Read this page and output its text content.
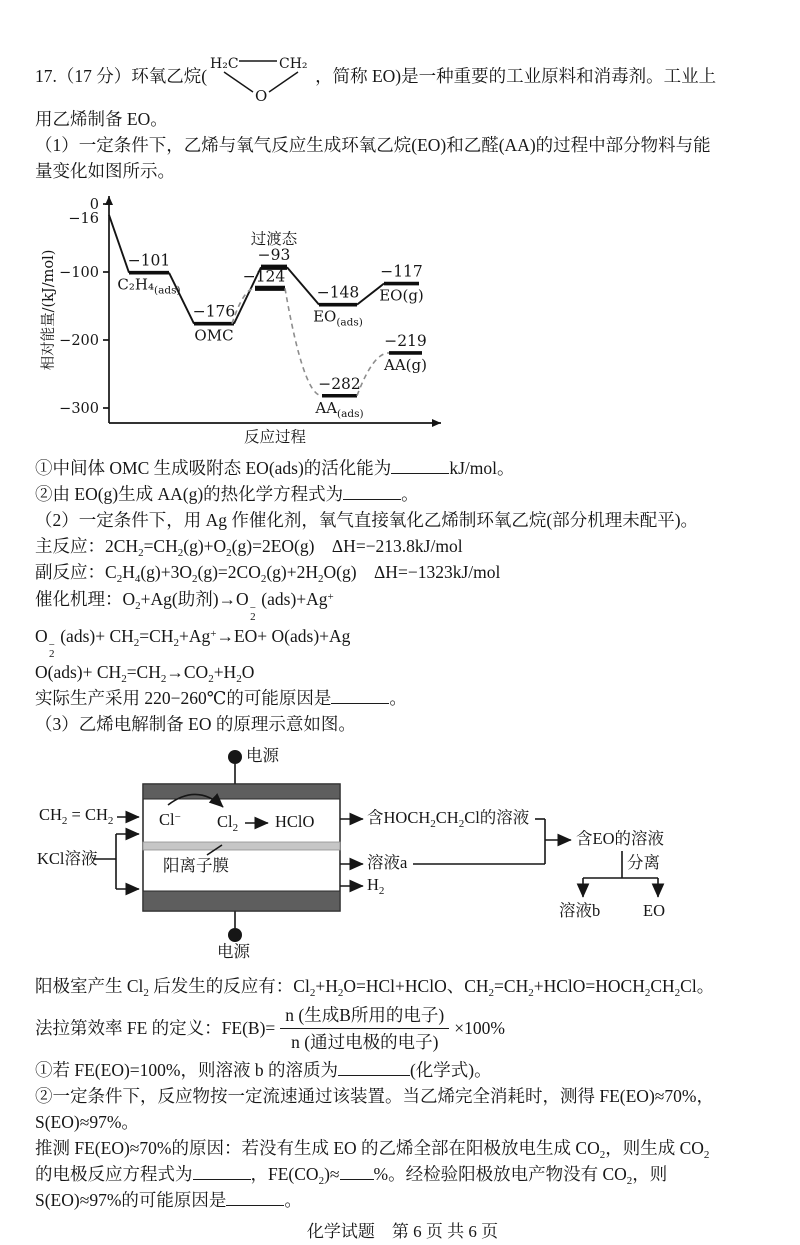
17.（17 分）环氧乙烷(
H₂C	CH₂
O
，简称 EO)是一种重要的工业原料和消毒剂。工业上

用乙烯制备 EO。

（1）一定条件下，乙烯与氧气反应生成环氧乙烷(EO)和乙醛(AA)的过程中部分物料与能

量变化如图所示。

0
−100
−200
−300
−16
反应过程
相对能量/(kJ/mol)	−101
$C_2H_4_{(ads)}$
−176
OMC
过渡态
−93
−148
$EO_{(ads)}$
−117
EO(g)
−124
−282
$AA_{(ads)}$
−219
AA(g)

①中间体 OMC 生成吸附态 EO(ads)的活化能为	kJ/mol。

②由 EO(g)生成 AA(g)的热化学方程式为	。

（2）一定条件下，用 Ag 作催化剂，氧气直接氧化乙烯制环氧乙烷(部分机理未配平)。

主反应：$2CH_2=CH_2(g)+O_2(g)=2EO(g)$　ΔH=−213.8kJ/mol

副反应：$C_2H_4(g)+3O_2(g)=2CO_2(g)+2H_2O(g)$　ΔH=−1323kJ/mol

催化机理：$O_2+Ag$(助剂)→O −
2
(ads)+Ag+

O −
2
$(ads)+ CH_2=CH_2+Ag^+\to EO+ O(ads)+Ag$

$O(ads)+ CH_2=CH_2\to CO_2+H_2O$

实际生产采用 220−260℃的可能原因是	。

（3）乙烯电解制备 EO 的原理示意如图。

电源
电源
$CH_2 = CH_2$
KCl溶液
Cl− $Cl_2$ HClO
阳离子膜
含$HOCH_2CH_2Cl$的溶液
溶液a
$H_2$
含EO的溶液
分离
溶液b	EO

阳极室产生 $Cl_2$ 后发生的反应有：$Cl_2+H_2O=HCl+HClO$、$CH_2=CH_2+HClO=HOCH_2CH_2Cl$。

法拉第效率 FE 的定义：$FE(B)= \frac{\text{n (生成B所用的电子)}}{\text{n (通过电极的电子)}} \times 100\%$

①若 FE(EO)=100%，则溶液 b 的溶质为	(化学式)。

②一定条件下，反应物按一定流速通过该装置。当乙烯完全消耗时，测得 FE(EO)≈70%，

S(EO)≈97%。

推测 FE(EO)≈70%的原因：若没有生成 EO 的乙烯全部在阳极放电生成 $CO_2$，则生成 $CO_2$

的电极反应方程式为	，$FE(CO_2)\approx$ %。经检验阳极放电产物没有 $CO_2$，则

S(EO)≈97%的可能原因是	。

化学试题　第 6 页 共 6 页
